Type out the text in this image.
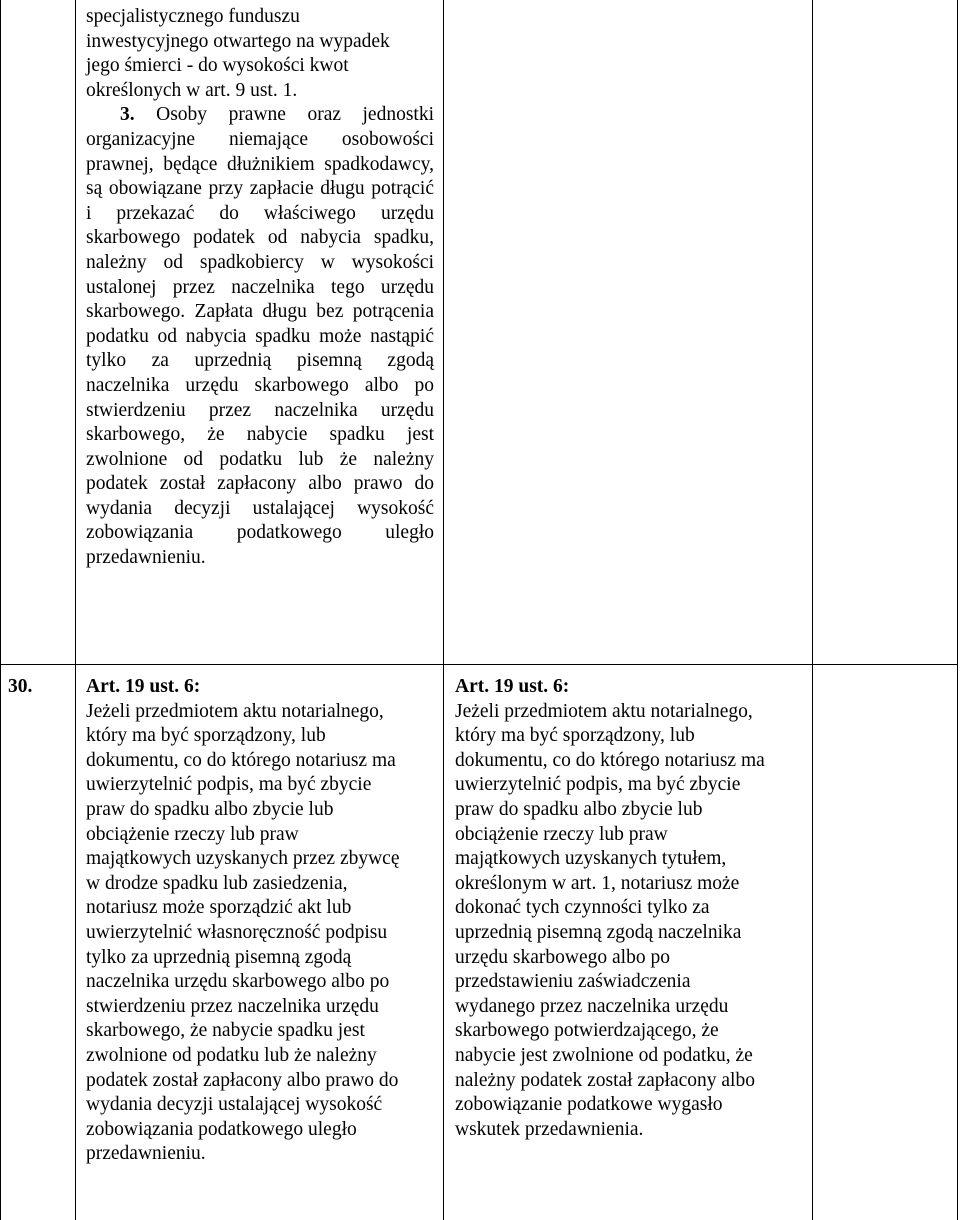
specjalistycznego funduszu
inwestycyjnego otwartego na wypadek
jego śmierci - do wysokości kwot
określonych w art. 9 ust. 1.

3. Osoby prawne oraz jednostki organizacyjne niemające osobowości prawnej, będące dłużnikiem spadkodawcy, są obowiązane przy zapłacie długu potrącić i przekazać do właściwego urzędu skarbowego podatek od nabycia spadku, należny od spadkobiercy w wysokości ustalonej przez naczelnika tego urzędu skarbowego. Zapłata długu bez potrącenia podatku od nabycia spadku może nastąpić tylko za uprzednią pisemną zgodą naczelnika urzędu skarbowego albo po stwierdzeniu przez naczelnika urzędu skarbowego, że nabycie spadku jest zwolnione od podatku lub że należny podatek został zapłacony albo prawo do wydania decyzji ustalającej wysokość zobowiązania podatkowego uległo przedawnieniu.

30.	Art. 19 ust. 6:
Jeżeli przedmiotem aktu notarialnego,
który ma być sporządzony, lub
dokumentu, co do którego notariusz ma
uwierzytelnić podpis, ma być zbycie
praw do spadku albo zbycie lub
obciążenie rzeczy lub praw
majątkowych uzyskanych przez zbywcę
w drodze spadku lub zasiedzenia,
notariusz może sporządzić akt lub
uwierzytelnić własnoręczność podpisu
tylko za uprzednią pisemną zgodą
naczelnika urzędu skarbowego albo po
stwierdzeniu przez naczelnika urzędu
skarbowego, że nabycie spadku jest
zwolnione od podatku lub że należny
podatek został zapłacony albo prawo do
wydania decyzji ustalającej wysokość
zobowiązania podatkowego uległo
przedawnieniu.
Art. 19 ust. 6:
Jeżeli przedmiotem aktu notarialnego,
który ma być sporządzony, lub
dokumentu, co do którego notariusz ma
uwierzytelnić podpis, ma być zbycie
praw do spadku albo zbycie lub
obciążenie rzeczy lub praw
majątkowych uzyskanych tytułem,
określonym w art. 1, notariusz może
dokonać tych czynności tylko za
uprzednią pisemną zgodą naczelnika
urzędu skarbowego albo po
przedstawieniu zaświadczenia
wydanego przez naczelnika urzędu
skarbowego potwierdzającego, że
nabycie jest zwolnione od podatku, że
należny podatek został zapłacony albo
zobowiązanie podatkowe wygasło
wskutek przedawnienia.
